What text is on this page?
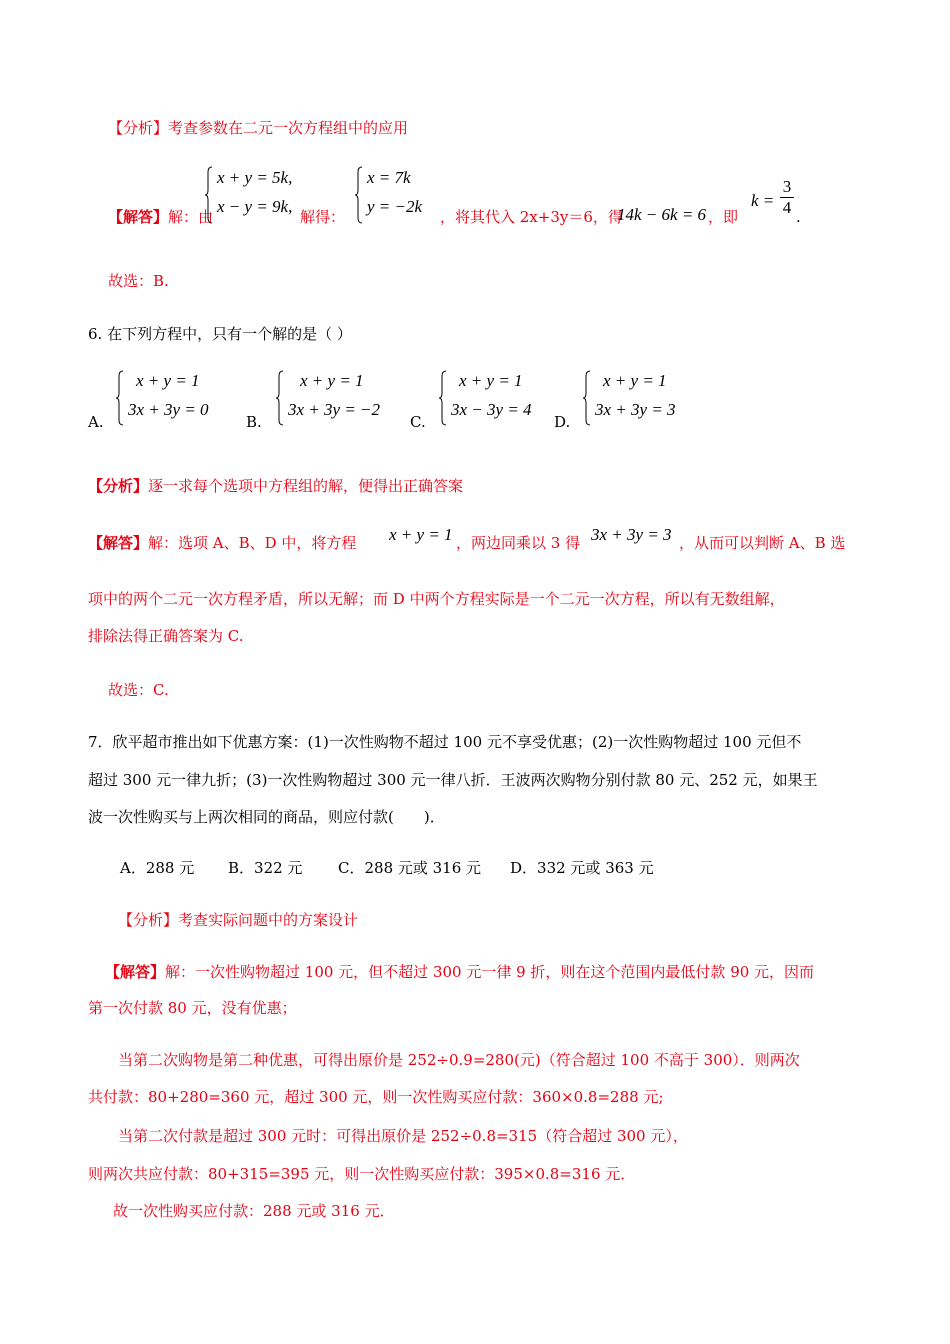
【分析】考查参数在二元一次方程组中的应用
【解答】解：由
x + y = 5k,
x − y = 9k,
解得：
x = 7k
y = −2k
，将其代入 2x+3y＝6，得
14k − 6k = 6 ，即
$k = \frac{3}{4}$ .
故选：B.
6. 在下列方程中，只有一个解的是（ ）
A.
x + y = 1
3x + 3y = 0
B.
x + y = 1
3x + 3y = −2
C.
x + y = 1
3x − 3y = 4
D.
x + y = 1
3x + 3y = 3
【分析】逐一求每个选项中方程组的解，便得出正确答案
【解答】解：选项 A、B、D 中，将方程 x + y = 1 ，两边同乘以 3 得 3x + 3y = 3 ，从而可以判断 A、B 选
项中的两个二元一次方程矛盾，所以无解；而 D 中两个方程实际是一个二元一次方程，所以有无数组解，
排除法得正确答案为 C.
故选：C.
7．欣平超市推出如下优惠方案：(1)一次性购物不超过 100 元不享受优惠；(2)一次性购物超过 100 元但不
超过 300 元一律九折；(3)一次性购物超过 300 元一律八折．王波两次购物分别付款 80 元、252 元，如果王
波一次性购买与上两次相同的商品，则应付款(　　)．
A．288 元 B．322 元 C．288 元或 316 元 D．332 元或 363 元
【分析】考查实际问题中的方案设计
【解答】解：一次性购物超过 100 元，但不超过 300 元一律 9 折，则在这个范围内最低付款 90 元，因而
第一次付款 80 元，没有优惠；
当第二次购物是第二种优惠，可得出原价是 252÷0.9=280(元)（符合超过 100 不高于 300）．则两次
共付款：80+280=360 元，超过 300 元，则一次性购买应付款：360×0.8=288 元;
当第二次付款是超过 300 元时：可得出原价是 252÷0.8=315（符合超过 300 元），
则两次共应付款：80+315=395 元，则一次性购买应付款：395×0.8=316 元．
故一次性购买应付款：288 元或 316 元．
